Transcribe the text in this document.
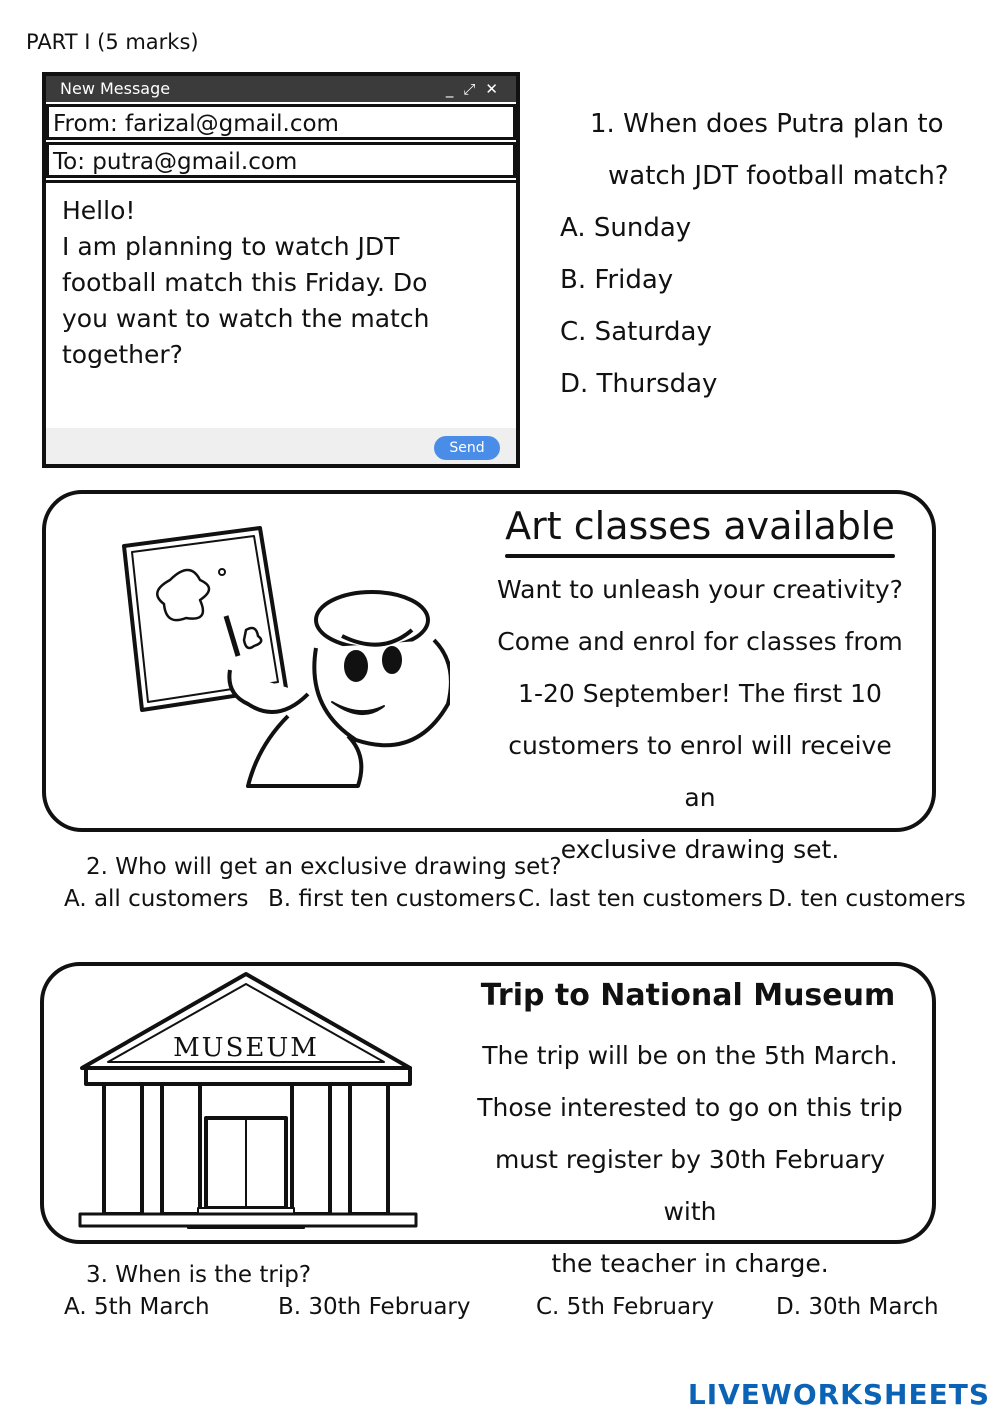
PART I (5 marks)
New Message	_⤢✕
From: farizal@gmail.com
To: putra@gmail.com
Hello!
I am planning to watch JDT
football match this Friday. Do
you want to watch the match
together?
Send
1. When does Putra plan to
watch JDT football match?
A. Sunday
B. Friday
C. Saturday
D. Thursday
Art classes available
Want to unleash your creativity?
Come and enrol for classes from
1-20 September! The first 10
customers to enrol will receive an
exclusive drawing set.
2. Who will get an exclusive drawing set?
A. all customers B. first ten customers C. last ten customers D. ten customers
MUSEUM
Trip to National Museum
The trip will be on the 5th March.
Those interested to go on this trip
must register by 30th February with
the teacher in charge.
3. When is the trip?
A. 5th March	B. 30th February	C. 5th February	D. 30th March
LIVEWORKSHEETS
